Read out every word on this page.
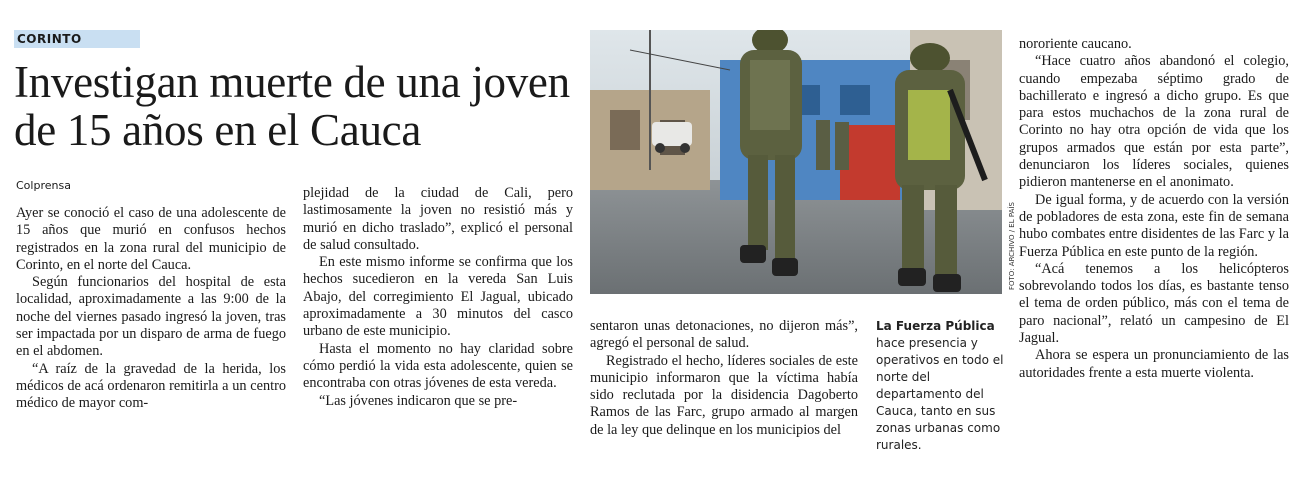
CORINTO
Investigan muerte de una joven de 15 años en el Cauca
Colprensa

Ayer se conoció el caso de una adolescente de 15 años que murió en confusos hechos registrados en la zona rural del municipio de Corinto, en el norte del Cauca.

Según funcionarios del hospital de esta localidad, aproximadamente a las 9:00 de la noche del viernes pasado ingresó la joven, tras ser impactada por un disparo de arma de fuego en el abdomen.

“A raíz de la gravedad de la herida, los médicos de acá ordenaron remitirla a un centro médico de mayor com-

plejidad de la ciudad de Cali, pero lastimosamente la joven no resistió más y murió en dicho traslado”, explicó el personal de salud consultado.

En este mismo informe se confirma que los hechos sucedieron en la vereda San Luis Abajo, del corregimiento El Jagual, ubicado aproximadamente a 30 minutos del casco urbano de este municipio.

Hasta el momento no hay claridad sobre cómo perdió la vida esta adolescente, quien se encontraba con otras jóvenes de esta vereda.

“Las jóvenes indicaron que se pre-

FOTO: ARCHIVO / EL PAÍS

sentaron unas detonaciones, no dijeron más”, agregó el personal de salud.

Registrado el hecho, líderes sociales de este municipio informaron que la víctima había sido reclutada por la disidencia Dagoberto Ramos de las Farc, grupo armado al margen de la ley que delinque en los municipios del

La Fuerza Pública
hace presencia y operativos en todo el norte del departamento del Cauca, tanto en sus zonas urbanas como rurales.

nororiente caucano.

“Hace cuatro años abandonó el colegio, cuando empezaba séptimo grado de bachillerato e ingresó a dicho grupo. Es que para estos muchachos de la zona rural de Corinto no hay otra opción de vida que los grupos armados que están por esta parte”, denunciaron los líderes sociales, quienes pidieron mantenerse en el anonimato.

De igual forma, y de acuerdo con la versión de pobladores de esta zona, este fin de semana hubo combates entre disidentes de las Farc y la Fuerza Pública en este punto de la región.

“Acá tenemos a los helicópteros sobrevolando todos los días, es bastante tenso el tema de orden público, más con el tema de paro nacional”, relató un campesino de El Jagual.

Ahora se espera un pronunciamiento de las autoridades frente a esta muerte violenta.
